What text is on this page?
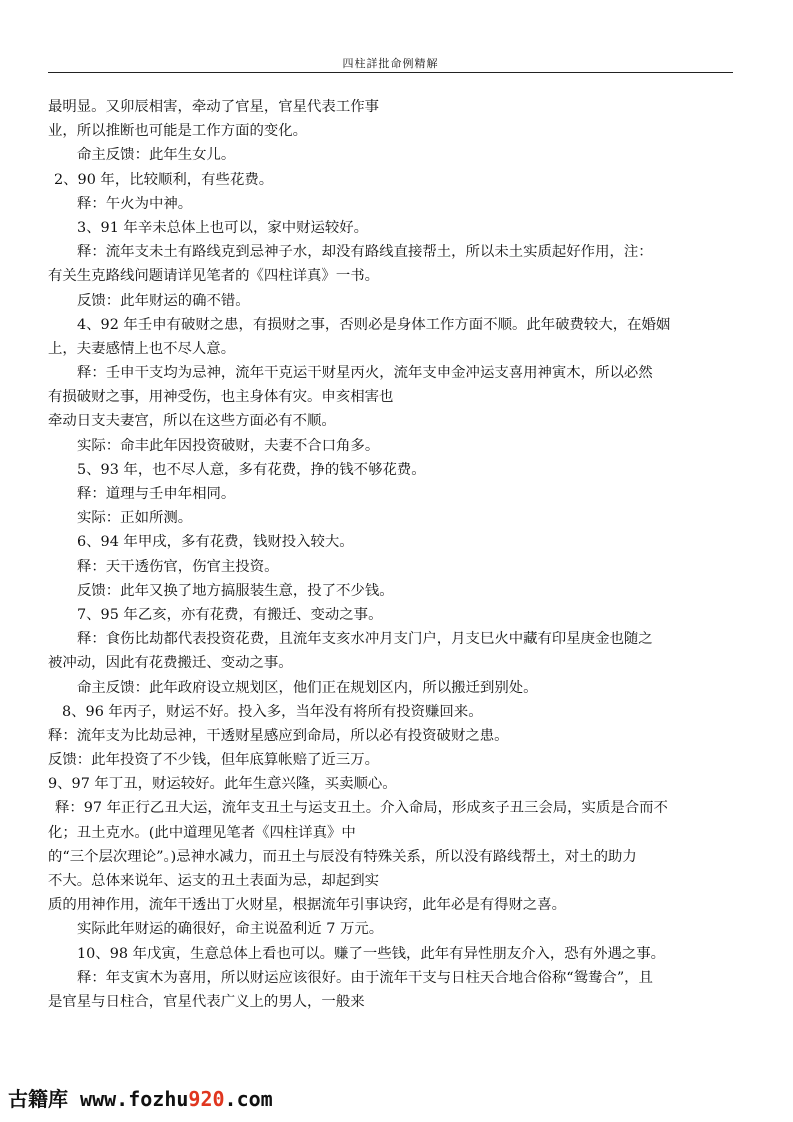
四柱詳批命例精解
最明显。又卯辰相害，牵动了官星，官星代表工作事
业，所以推断也可能是工作方面的变化。
命主反馈：此年生女儿。
2、90 年，比较顺利，有些花费。
释：午火为中神。
3、91 年辛未总体上也可以，家中财运较好。
释：流年支未土有路线克到忌神子水，却没有路线直接帮土，所以未土实质起好作用，注：
有关生克路线问题请详见笔者的《四柱详真》一书。
反馈：此年财运的确不错。
4、92 年壬申有破财之患，有损财之事，否则必是身体工作方面不顺。此年破费较大，在婚姻
上，夫妻感情上也不尽人意。
释：壬申干支均为忌神，流年干克运干财星丙火，流年支申金冲运支喜用神寅木，所以必然
有损破财之事，用神受伤，也主身体有灾。申亥相害也
牵动日支夫妻宫，所以在这些方面必有不顺。
实际：命丰此年因投资破财，夫妻不合口角多。
5、93 年，也不尽人意，多有花费，挣的钱不够花费。
释：道理与壬申年相同。
实际：正如所测。
6、94 年甲戌，多有花费，钱财投入较大。
释：天干透伤官，伤官主投资。
反馈：此年又换了地方搞服装生意，投了不少钱。
7、95 年乙亥，亦有花费，有搬迁、变动之事。
释：食伤比劫都代表投资花费，且流年支亥水冲月支门户，月支巳火中藏有印星庚金也随之
被冲动，因此有花费搬迁、变动之事。
命主反馈：此年政府设立规划区，他们正在规划区内，所以搬迁到别处。
8、96 年丙子，财运不好。投入多，当年没有将所有投资赚回来。
释：流年支为比劫忌神，干透财星感应到命局，所以必有投资破财之患。
反馈：此年投资了不少钱，但年底算帐赔了近三万。
9、97 年丁丑，财运较好。此年生意兴隆，买卖顺心。
释：97 年正行乙丑大运，流年支丑土与运支丑土。介入命局，形成亥子丑三会局，实质是合而不
化；丑土克水。(此中道理见笔者《四柱详真》中
的“三个层次理论”。)忌神水减力，而丑土与辰没有特殊关系，所以没有路线帮土，对土的助力
不大。总体来说年、运支的丑土表面为忌，却起到实
质的用神作用，流年干透出丁火财星，根据流年引事诀窍，此年必是有得财之喜。
实际此年财运的确很好，命主说盈利近 7 万元。
10、98 年戊寅，生意总体上看也可以。赚了一些钱，此年有异性朋友介入，恐有外遇之事。
释：年支寅木为喜用，所以财运应该很好。由于流年干支与日柱天合地合俗称“鸳鸯合”，且
是官星与日柱合，官星代表广义上的男人，一般来
古籍库 www.fozhu920.com
